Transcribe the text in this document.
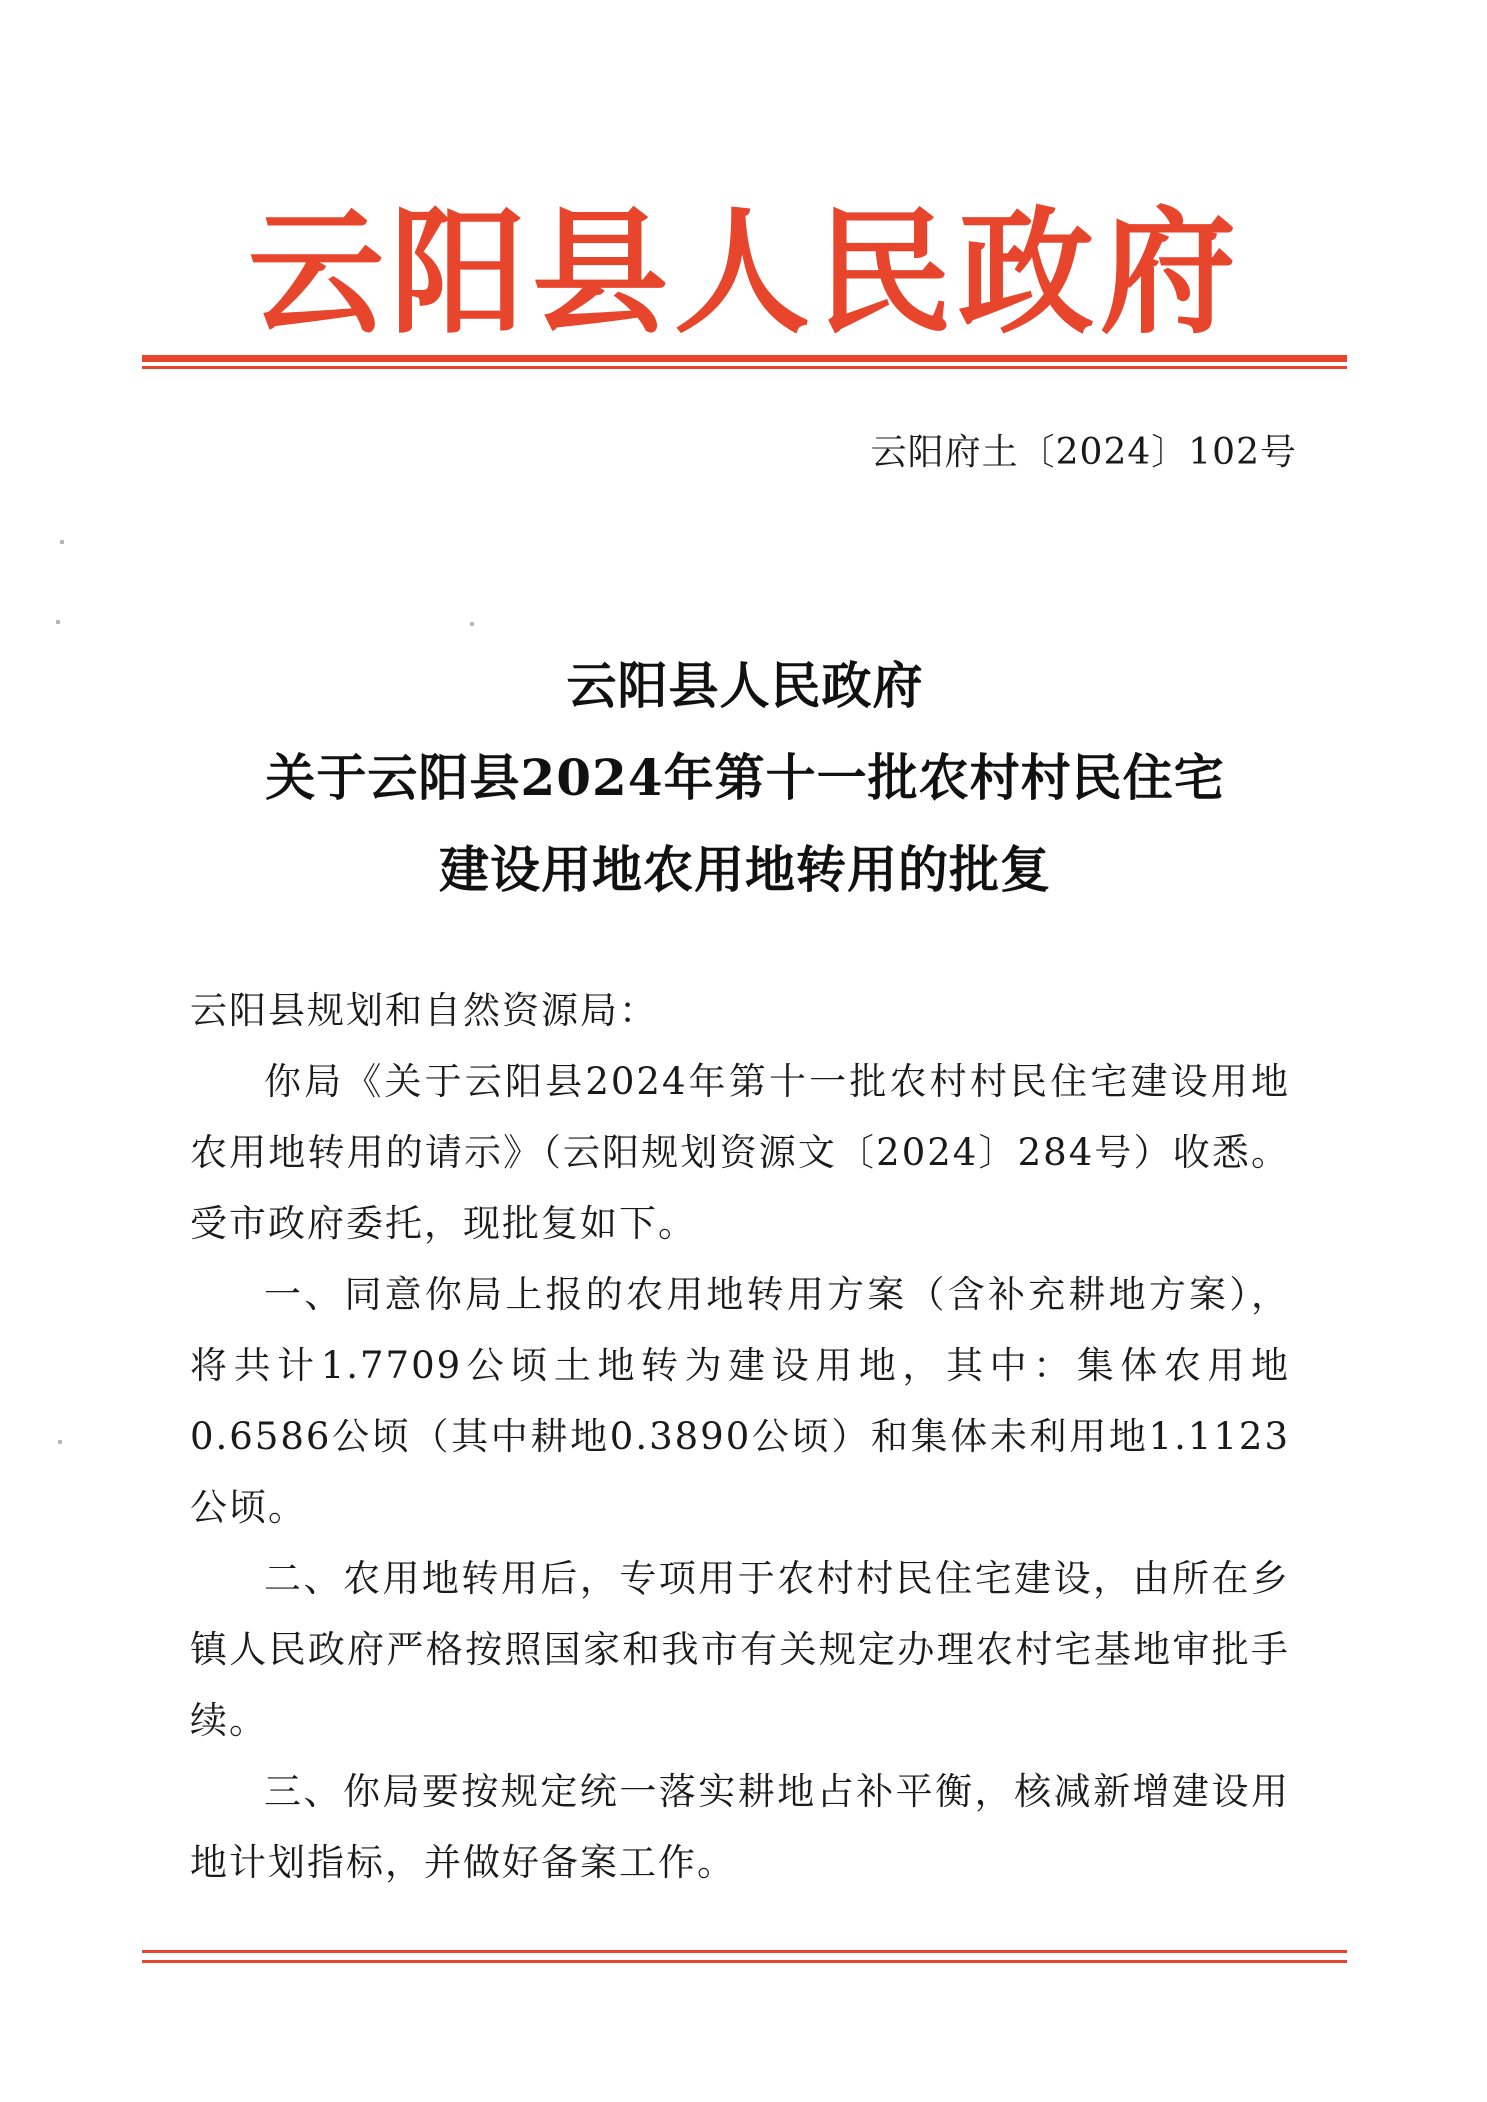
云阳县人民政府
云阳府土〔2024〕102号
云阳县人民政府
关于云阳县2024年第十一批农村村民住宅
建设用地农用地转用的批复

云阳县规划和自然资源局：

你局《关于云阳县2024年第十一批农村村民住宅建设用地农用地转用的请示》（云阳规划资源文〔2024〕284号）收悉。受市政府委托，现批复如下。

一、同意你局上报的农用地转用方案（含补充耕地方案），将共计1.7709公顷土地转为建设用地，其中：集体农用地0.6586公顷（其中耕地0.3890公顷）和集体未利用地1.1123公顷。

二、农用地转用后，专项用于农村村民住宅建设，由所在乡镇人民政府严格按照国家和我市有关规定办理农村宅基地审批手续。

三、你局要按规定统一落实耕地占补平衡，核减新增建设用地计划指标，并做好备案工作。
